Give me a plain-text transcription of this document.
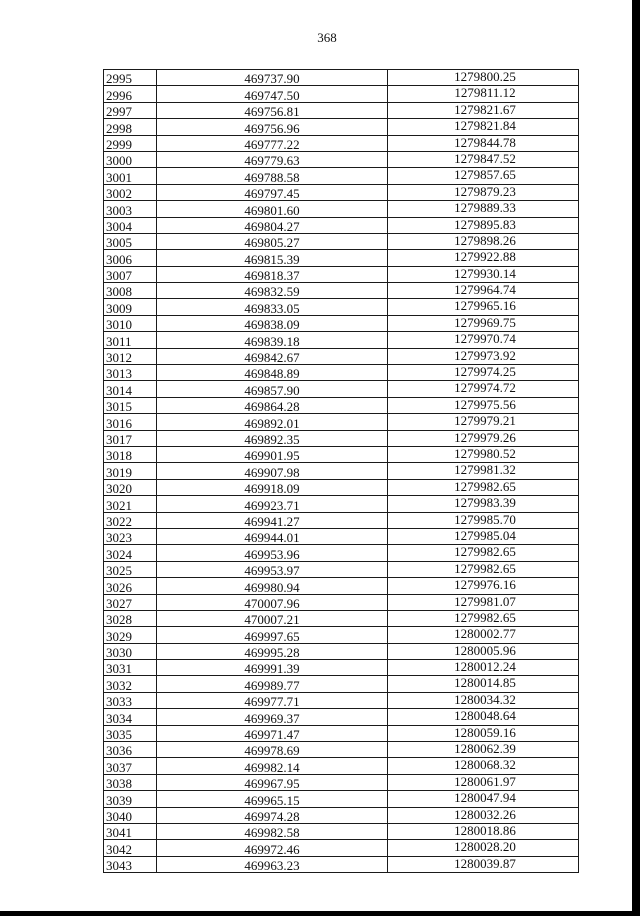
368
2995	469737.90	1279800.25
2996	469747.50	1279811.12
2997	469756.81	1279821.67
2998	469756.96	1279821.84
2999	469777.22	1279844.78
3000	469779.63	1279847.52
3001	469788.58	1279857.65
3002	469797.45	1279879.23
3003	469801.60	1279889.33
3004	469804.27	1279895.83
3005	469805.27	1279898.26
3006	469815.39	1279922.88
3007	469818.37	1279930.14
3008	469832.59	1279964.74
3009	469833.05	1279965.16
3010	469838.09	1279969.75
3011	469839.18	1279970.74
3012	469842.67	1279973.92
3013	469848.89	1279974.25
3014	469857.90	1279974.72
3015	469864.28	1279975.56
3016	469892.01	1279979.21
3017	469892.35	1279979.26
3018	469901.95	1279980.52
3019	469907.98	1279981.32
3020	469918.09	1279982.65
3021	469923.71	1279983.39
3022	469941.27	1279985.70
3023	469944.01	1279985.04
3024	469953.96	1279982.65
3025	469953.97	1279982.65
3026	469980.94	1279976.16
3027	470007.96	1279981.07
3028	470007.21	1279982.65
3029	469997.65	1280002.77
3030	469995.28	1280005.96
3031	469991.39	1280012.24
3032	469989.77	1280014.85
3033	469977.71	1280034.32
3034	469969.37	1280048.64
3035	469971.47	1280059.16
3036	469978.69	1280062.39
3037	469982.14	1280068.32
3038	469967.95	1280061.97
3039	469965.15	1280047.94
3040	469974.28	1280032.26
3041	469982.58	1280018.86
3042	469972.46	1280028.20
3043	469963.23	1280039.87
